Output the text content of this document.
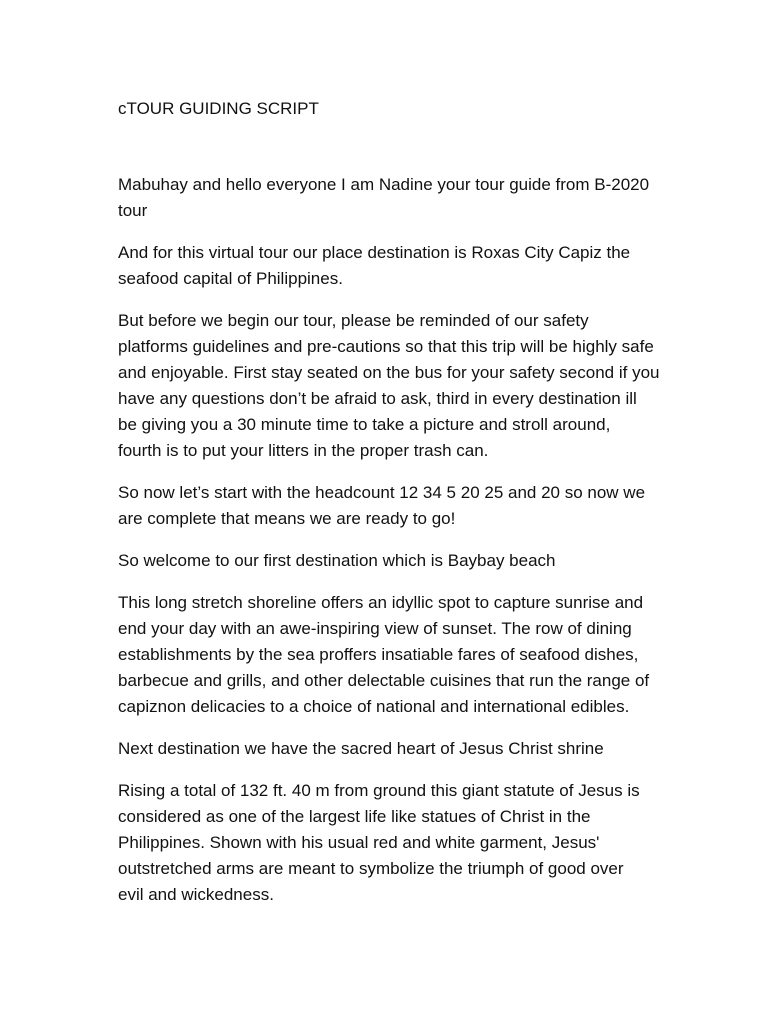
cTOUR GUIDING SCRIPT
Mabuhay and hello everyone I am Nadine your tour guide from B-2020
tour
And for this virtual tour our place destination is Roxas City Capiz the
seafood capital of Philippines.
But before we begin our tour, please be reminded of our safety
platforms guidelines and pre-cautions so that this trip will be highly safe
and enjoyable. First stay seated on the bus for your safety second if you
have any questions don’t be afraid to ask, third in every destination ill
be giving you a 30 minute time to take a picture and stroll around,
fourth is to put your litters in the proper trash can.
So now let’s start with the headcount 12 34 5 20 25 and 20 so now we
are complete that means we are ready to go!
So welcome to our first destination which is Baybay beach
This long stretch shoreline offers an idyllic spot to capture sunrise and
end your day with an awe-inspiring view of sunset. The row of dining
establishments by the sea proffers insatiable fares of seafood dishes,
barbecue and grills, and other delectable cuisines that run the range of
capiznon delicacies to a choice of national and international edibles.
Next destination we have the sacred heart of Jesus Christ shrine
Rising a total of 132 ft. 40 m from ground this giant statute of Jesus is
considered as one of the largest life like statues of Christ in the
Philippines. Shown with his usual red and white garment, Jesus'
outstretched arms are meant to symbolize the triumph of good over
evil and wickedness.
